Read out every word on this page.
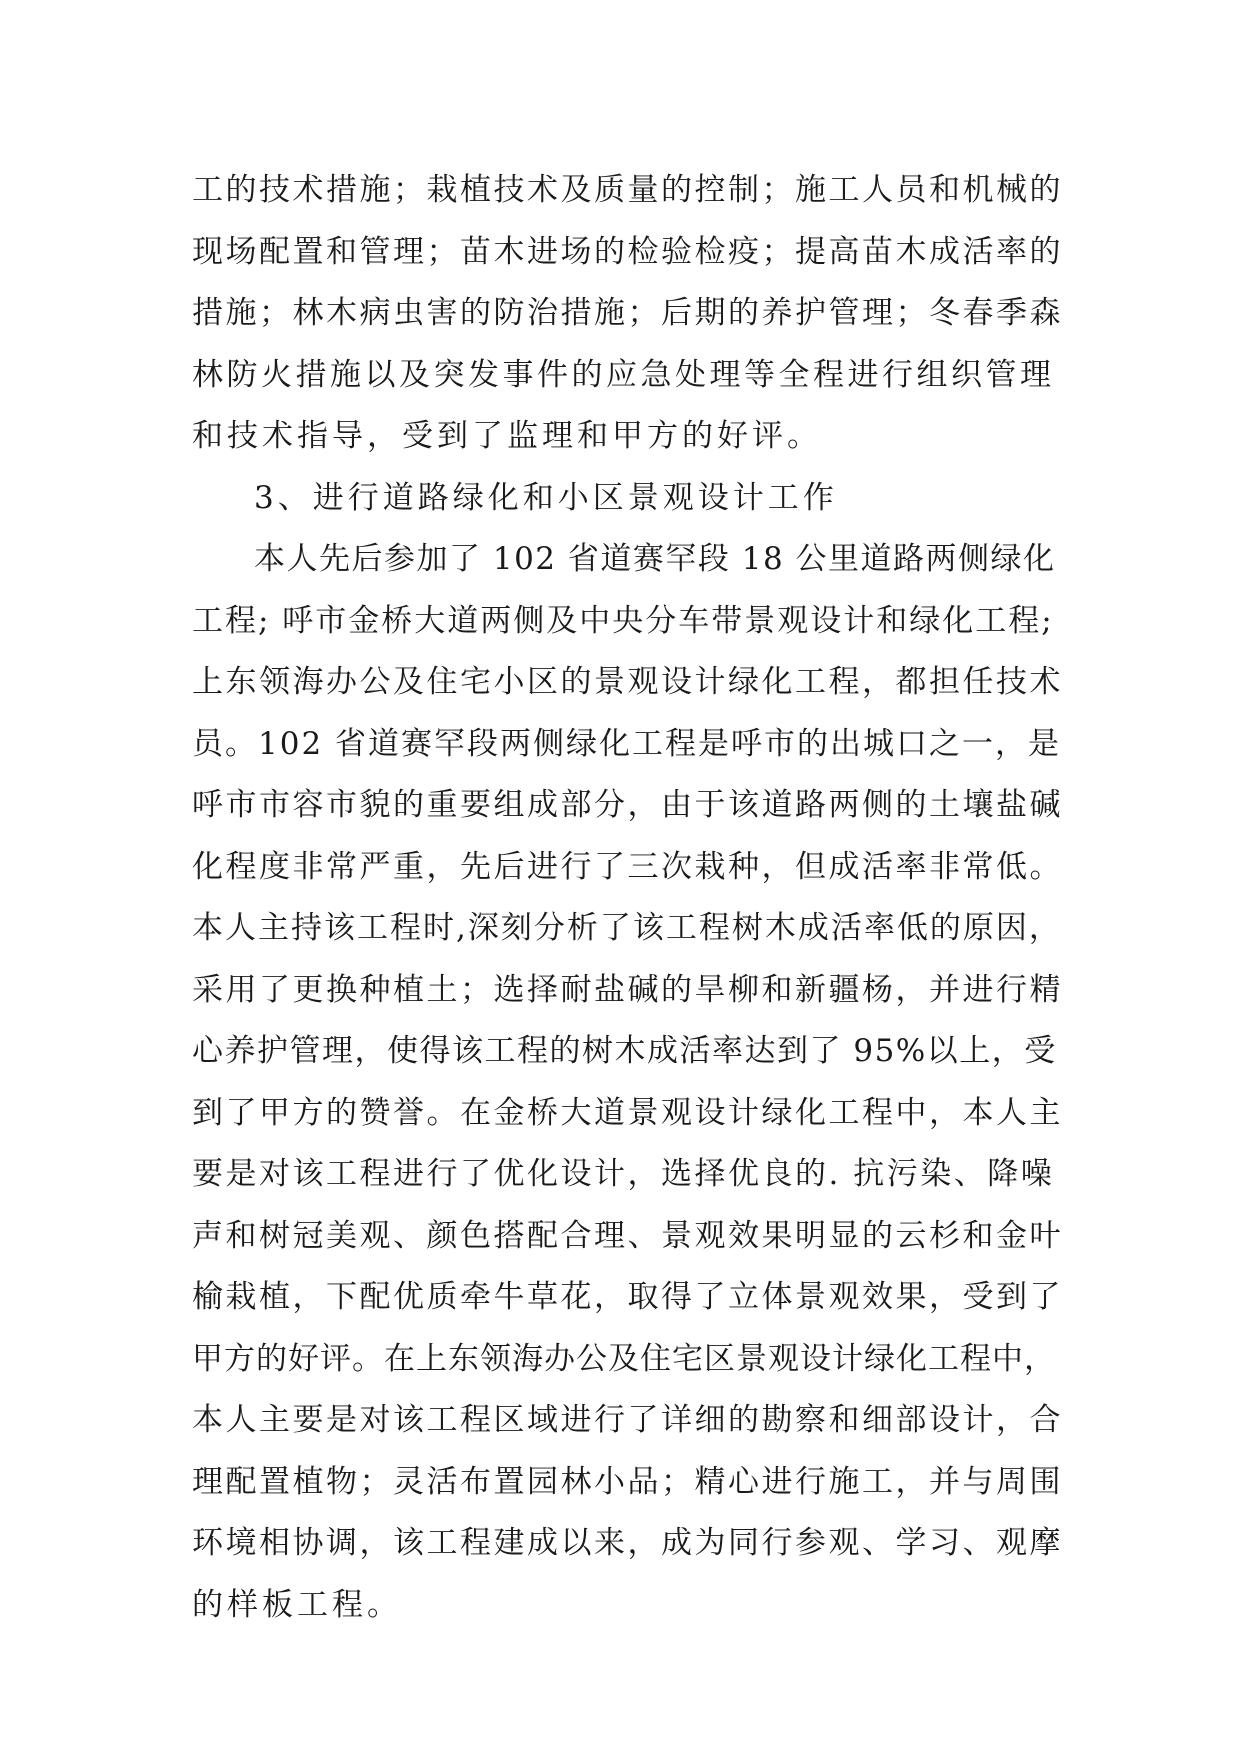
工的技术措施；栽植技术及质量的控制；施工人员和机械的
现场配置和管理；苗木进场的检验检疫；提高苗木成活率的
措施；林木病虫害的防治措施；后期的养护管理；冬春季森
林防火措施以及突发事件的应急处理等全程进行组织管理
和技术指导，受到了监理和甲方的好评。
3、进行道路绿化和小区景观设计工作
本人先后参加了 102 省道赛罕段 18 公里道路两侧绿化
工程; 呼市金桥大道两侧及中央分车带景观设计和绿化工程;
上东领海办公及住宅小区的景观设计绿化工程，都担任技术
员。102 省道赛罕段两侧绿化工程是呼市的出城口之一，是
呼市市容市貌的重要组成部分，由于该道路两侧的土壤盐碱
化程度非常严重，先后进行了三次栽种，但成活率非常低。
本人主持该工程时,深刻分析了该工程树木成活率低的原因，
采用了更换种植土；选择耐盐碱的旱柳和新疆杨，并进行精
心养护管理，使得该工程的树木成活率达到了 95%以上，受
到了甲方的赞誉。在金桥大道景观设计绿化工程中，本人主
要是对该工程进行了优化设计，选择优良的. 抗污染、降噪
声和树冠美观、颜色搭配合理、景观效果明显的云杉和金叶
榆栽植，下配优质牵牛草花，取得了立体景观效果，受到了
甲方的好评。在上东领海办公及住宅区景观设计绿化工程中，
本人主要是对该工程区域进行了详细的勘察和细部设计，合
理配置植物；灵活布置园林小品；精心进行施工，并与周围
环境相协调，该工程建成以来，成为同行参观、学习、观摩
的样板工程。
